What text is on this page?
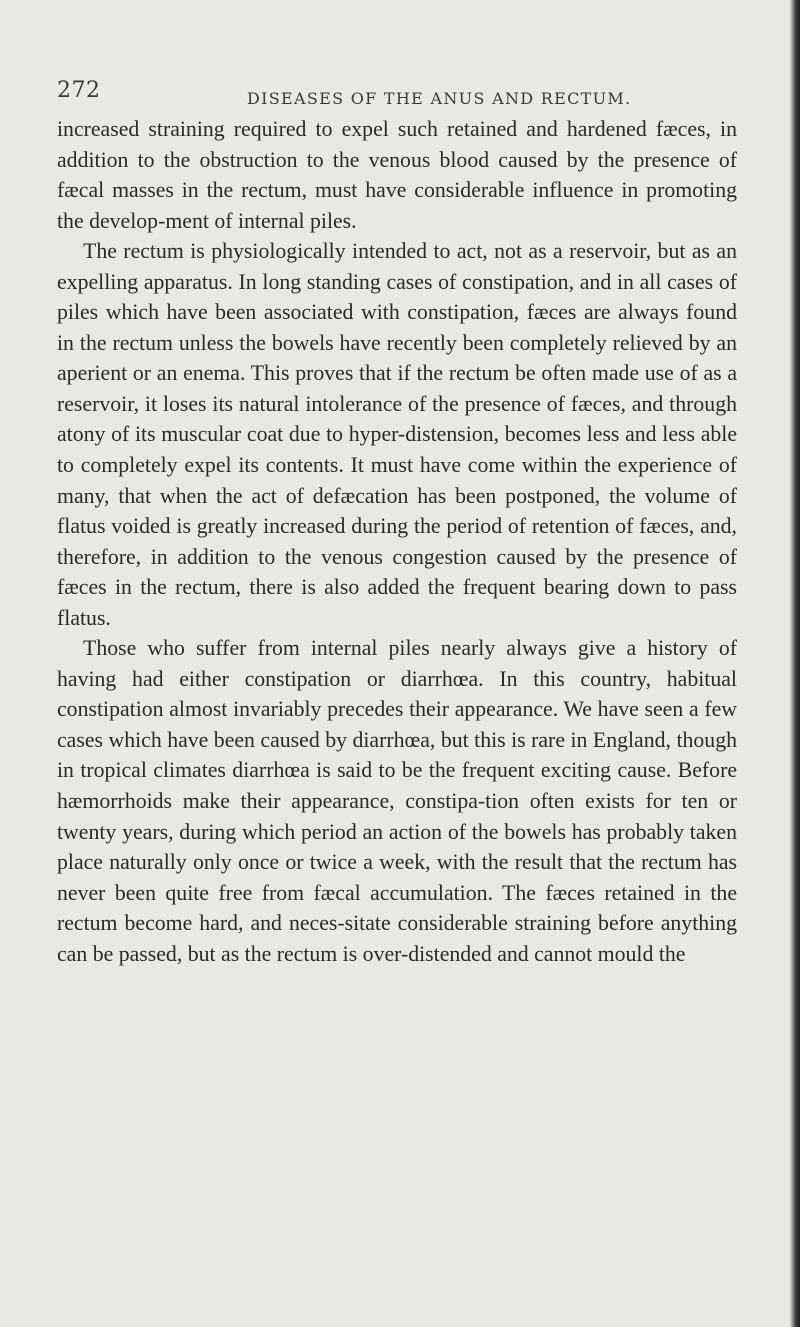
272	DISEASES OF THE ANUS AND RECTUM.

increased straining required to expel such retained and hardened fæces, in addition to the obstruction to the venous blood caused by the presence of fæcal masses in the rectum, must have considerable influence in promoting the develop-ment of internal piles.

The rectum is physiologically intended to act, not as a reservoir, but as an expelling apparatus. In long standing cases of constipation, and in all cases of piles which have been associated with constipation, fæces are always found in the rectum unless the bowels have recently been completely relieved by an aperient or an enema. This proves that if the rectum be often made use of as a reservoir, it loses its natural intolerance of the presence of fæces, and through atony of its muscular coat due to hyper-distension, becomes less and less able to completely expel its contents. It must have come within the experience of many, that when the act of defæcation has been postponed, the volume of flatus voided is greatly increased during the period of retention of fæces, and, therefore, in addition to the venous congestion caused by the presence of fæces in the rectum, there is also added the frequent bearing down to pass flatus.

Those who suffer from internal piles nearly always give a history of having had either constipation or diarrhœa. In this country, habitual constipation almost invariably precedes their appearance. We have seen a few cases which have been caused by diarrhœa, but this is rare in England, though in tropical climates diarrhœa is said to be the frequent exciting cause. Before hæmorrhoids make their appearance, constipa-tion often exists for ten or twenty years, during which period an action of the bowels has probably taken place naturally only once or twice a week, with the result that the rectum has never been quite free from fæcal accumulation. The fæces retained in the rectum become hard, and neces-sitate considerable straining before anything can be passed, but as the rectum is over-distended and cannot mould the
